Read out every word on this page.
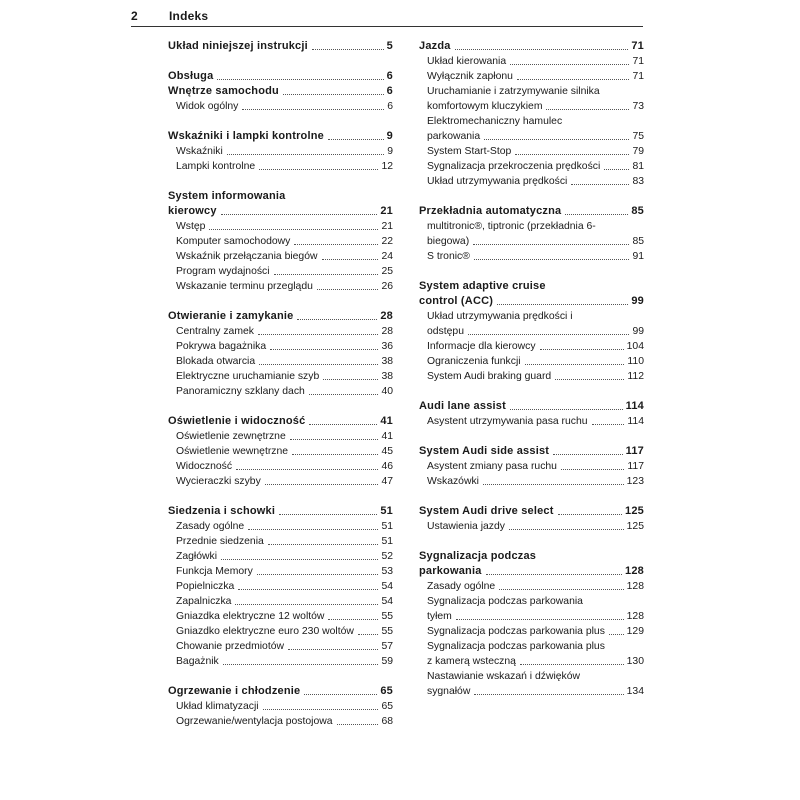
2	Indeks
Układ niniejszej instrukcji	5
Obsługa	6
Wnętrze samochodu	6
Widok ogólny	6
Wskaźniki i lampki kontrolne	9
Wskaźniki	9
Lampki kontrolne	12
System informowania
kierowcy	21
Wstęp	21
Komputer samochodowy	22
Wskaźnik przełączania biegów	24
Program wydajności	25
Wskazanie terminu przeglądu	26
Otwieranie i zamykanie	28
Centralny zamek	28
Pokrywa bagażnika	36
Blokada otwarcia	38
Elektryczne uruchamianie szyb	38
Panoramiczny szklany dach	40
Oświetlenie i widoczność	41
Oświetlenie zewnętrzne	41
Oświetlenie wewnętrzne	45
Widoczność	46
Wycieraczki szyby	47
Siedzenia i schowki	51
Zasady ogólne	51
Przednie siedzenia	51
Zagłówki	52
Funkcja Memory	53
Popielniczka	54
Zapalniczka	54
Gniazdka elektryczne 12 woltów	55
Gniazdko elektryczne euro 230 woltów	55
Chowanie przedmiotów	57
Bagażnik	59
Ogrzewanie i chłodzenie	65
Układ klimatyzacji	65
Ogrzewanie/wentylacja postojowa	68
Jazda	71
Układ kierowania	71
Wyłącznik zapłonu	71
Uruchamianie i zatrzymywanie silnika
komfortowym kluczykiem	73
Elektromechaniczny hamulec
parkowania	75
System Start-Stop	79
Sygnalizacja przekroczenia prędkości	81
Układ utrzymywania prędkości	83
Przekładnia automatyczna	85
multitronic®, tiptronic (przekładnia 6-
biegowa)	85
S tronic®	91
System adaptive cruise
control (ACC)	99
Układ utrzymywania prędkości i
odstępu	99
Informacje dla kierowcy	104
Ograniczenia funkcji	110
System Audi braking guard	112
Audi lane assist	114
Asystent utrzymywania pasa ruchu	114
System Audi side assist	117
Asystent zmiany pasa ruchu	117
Wskazówki	123
System Audi drive select	125
Ustawienia jazdy	125
Sygnalizacja podczas
parkowania	128
Zasady ogólne	128
Sygnalizacja podczas parkowania
tyłem	128
Sygnalizacja podczas parkowania plus 129
Sygnalizacja podczas parkowania plus
z kamerą wsteczną	130
Nastawianie wskazań i dźwięków
sygnałów	134
